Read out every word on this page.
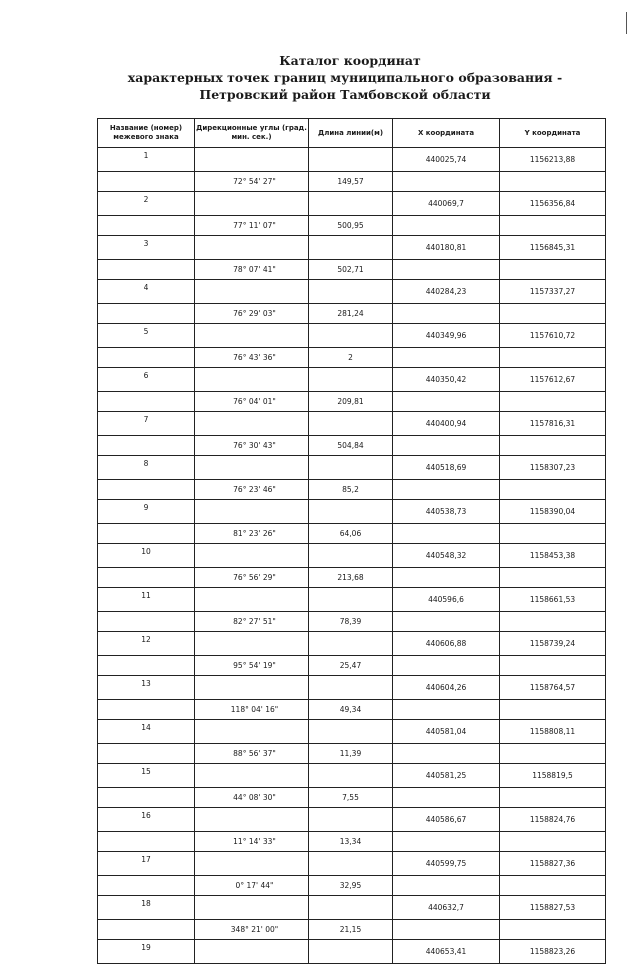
Каталог координат
характерных точек границ муниципального образования -
Петровский район Тамбовской области
Название (номер) межевого знака	Дирекционные углы (град. мин. сек.)	Длина линии(м)	X координата	Y координата
1			440025,74	1156213,88
	72° 54' 27"	149,57		
2			440069,7	1156356,84
	77° 11' 07"	500,95		
3			440180,81	1156845,31
	78° 07' 41"	502,71		
4			440284,23	1157337,27
	76° 29' 03"	281,24		
5			440349,96	1157610,72
	76° 43' 36"	2		
6			440350,42	1157612,67
	76° 04' 01"	209,81		
7			440400,94	1157816,31
	76° 30' 43"	504,84		
8			440518,69	1158307,23
	76° 23' 46"	85,2		
9			440538,73	1158390,04
	81° 23' 26"	64,06		
10			440548,32	1158453,38
	76° 56' 29"	213,68		
11			440596,6	1158661,53
	82° 27' 51"	78,39		
12			440606,88	1158739,24
	95° 54' 19"	25,47		
13			440604,26	1158764,57
	118° 04' 16"	49,34		
14			440581,04	1158808,11
	88° 56' 37"	11,39		
15			440581,25	1158819,5
	44° 08' 30"	7,55		
16			440586,67	1158824,76
	11° 14' 33"	13,34		
17			440599,75	1158827,36
	0° 17' 44"	32,95		
18			440632,7	1158827,53
	348° 21' 00"	21,15		
19			440653,41	1158823,26
